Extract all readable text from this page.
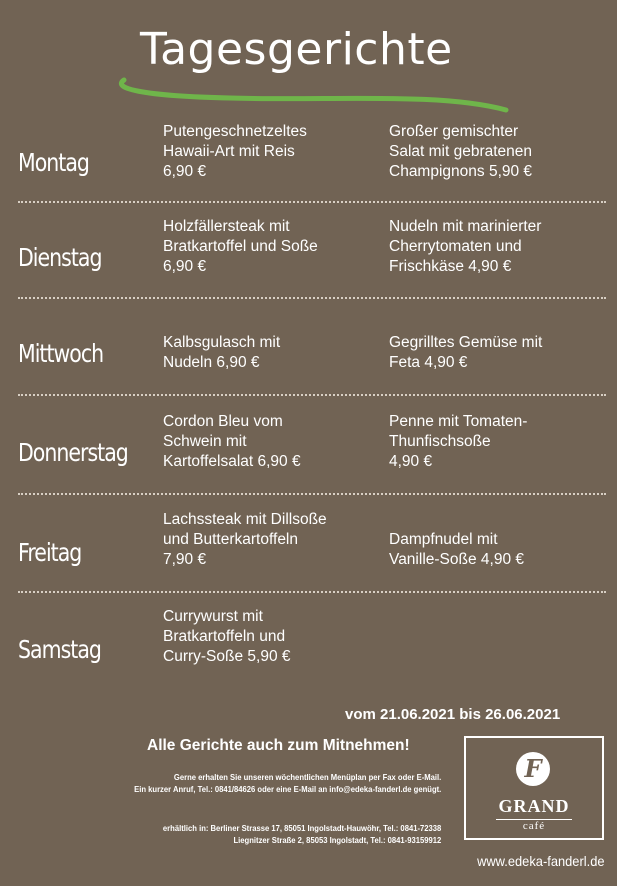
Tagesgerichte
Montag
Putengeschnetzeltes
Hawaii-Art mit Reis
6,90 €
Großer gemischter
Salat mit gebratenen
Champignons 5,90 €
Dienstag
Holzfällersteak mit
Bratkartoffel und Soße
6,90 €
Nudeln mit marinierter
Cherrytomaten und
Frischkäse 4,90 €
Mittwoch	Kalbsgulasch mit
Nudeln 6,90 €
Gegrilltes Gemüse mit
Feta 4,90 €
Donnerstag
Cordon Bleu vom
Schwein mit
Kartoffelsalat 6,90 €
Penne mit Tomaten-
Thunfischsoße
4,90 €
Freitag
Lachssteak mit Dillsoße
und Butterkartoffeln
7,90 €
Dampfnudel mit
Vanille-Soße 4,90 €
Samstag
Currywurst mit
Bratkartoffeln und
Curry-Soße 5,90 €
vom 21.06.2021 bis 26.06.2021
Alle Gerichte auch zum Mitnehmen!
Gerne erhalten Sie unseren wöchentlichen Menüplan per Fax oder E-Mail.
Ein kurzer Anruf, Tel.: 0841/84626 oder eine E-Mail an info@edeka-fanderl.de genügt.
erhältlich in: Berliner Strasse 17, 85051 Ingolstadt-Hauwöhr, Tel.: 0841-72338
Liegnitzer Straße 2, 85053 Ingolstadt, Tel.: 0841-93159912
F
GRAND
café
www.edeka-fanderl.de
